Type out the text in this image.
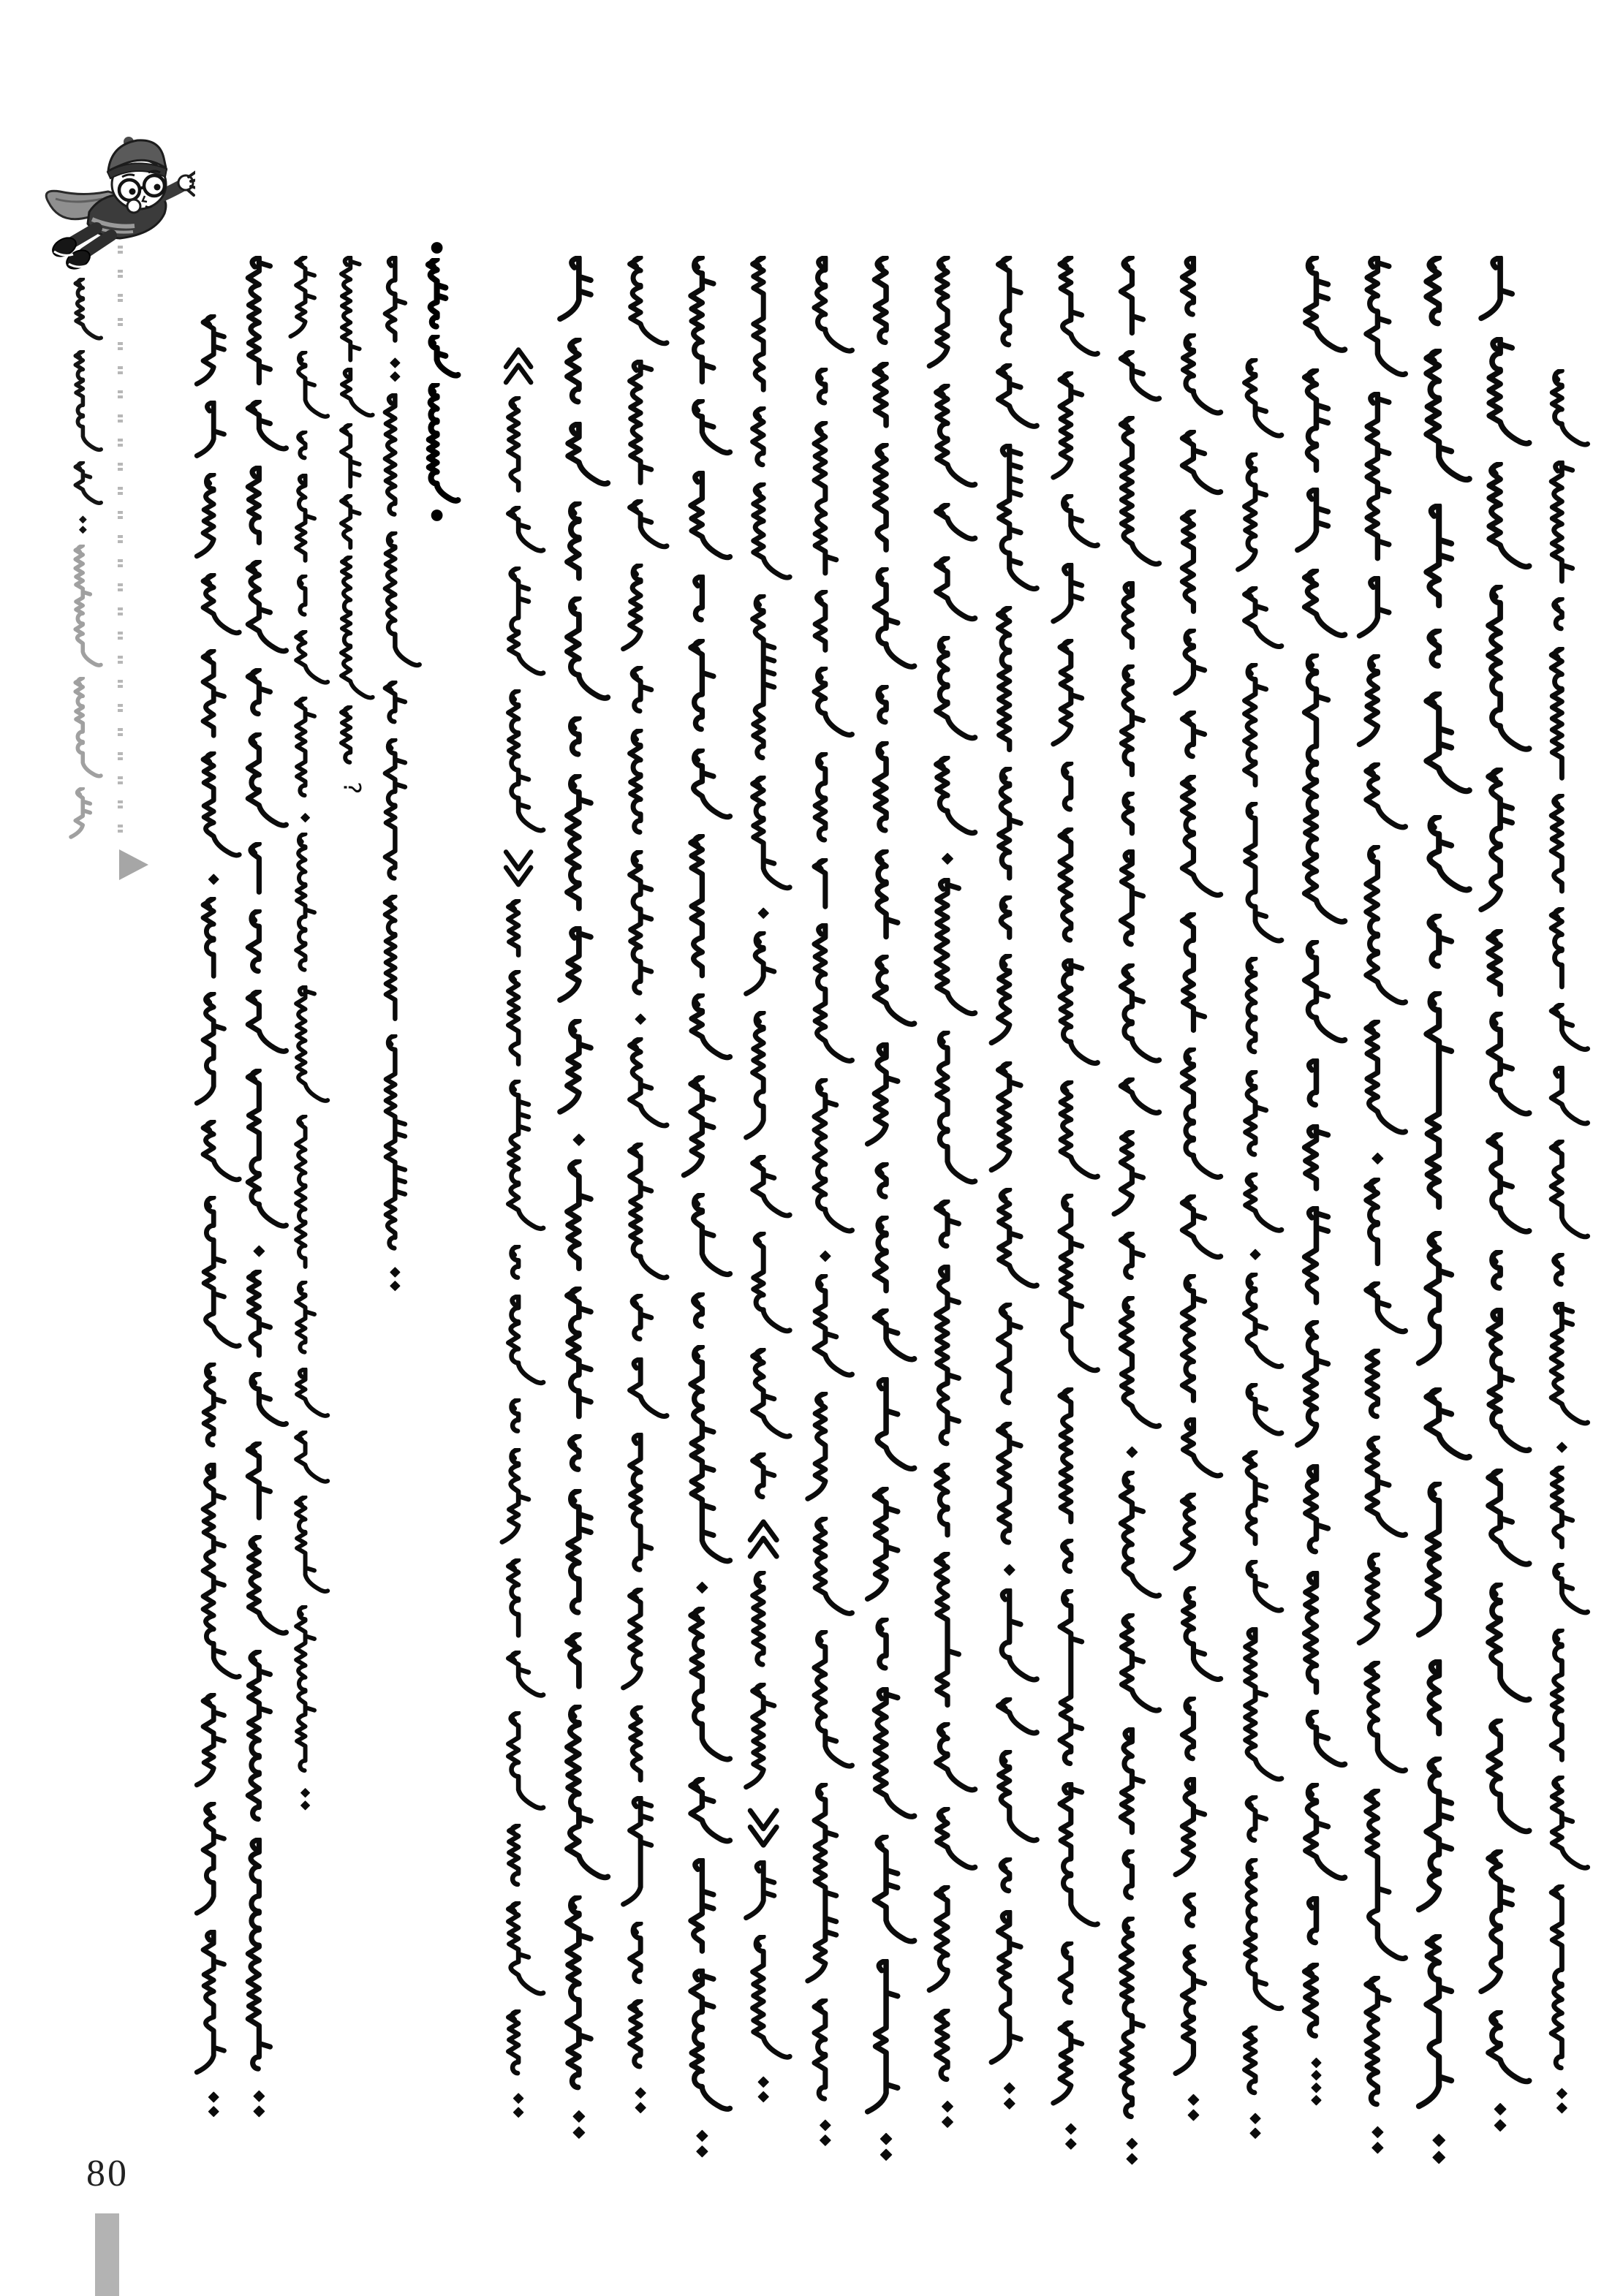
?
80
